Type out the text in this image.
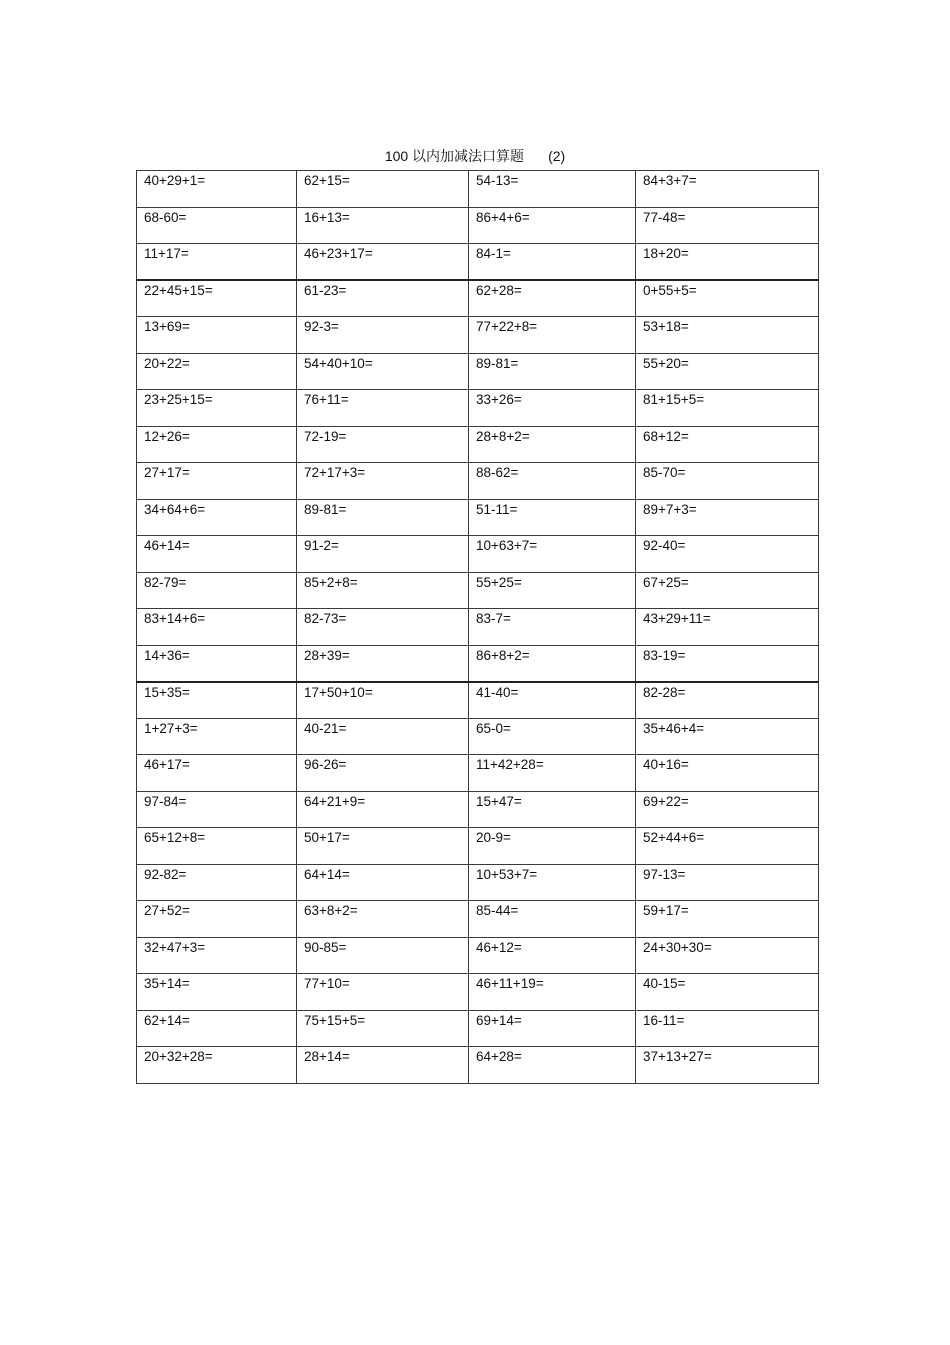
100 以内加减法口算题 (2)
40+29+1=	62+15=	54-13=	84+3+7=
68-60=	16+13=	86+4+6=	77-48=
11+17=	46+23+17=	84-1=	18+20=
22+45+15=	61-23=	62+28=	0+55+5=
13+69=	92-3=	77+22+8=	53+18=
20+22=	54+40+10=	89-81=	55+20=
23+25+15=	76+11=	33+26=	81+15+5=
12+26=	72-19=	28+8+2=	68+12=
27+17=	72+17+3=	88-62=	85-70=
34+64+6=	89-81=	51-11=	89+7+3=
46+14=	91-2=	10+63+7=	92-40=
82-79=	85+2+8=	55+25=	67+25=
83+14+6=	82-73=	83-7=	43+29+11=
14+36=	28+39=	86+8+2=	83-19=
15+35=	17+50+10=	41-40=	82-28=
1+27+3=	40-21=	65-0=	35+46+4=
46+17=	96-26=	11+42+28=	40+16=
97-84=	64+21+9=	15+47=	69+22=
65+12+8=	50+17=	20-9=	52+44+6=
92-82=	64+14=	10+53+7=	97-13=
27+52=	63+8+2=	85-44=	59+17=
32+47+3=	90-85=	46+12=	24+30+30=
35+14=	77+10=	46+11+19=	40-15=
62+14=	75+15+5=	69+14=	16-11=
20+32+28=	28+14=	64+28=	37+13+27=
